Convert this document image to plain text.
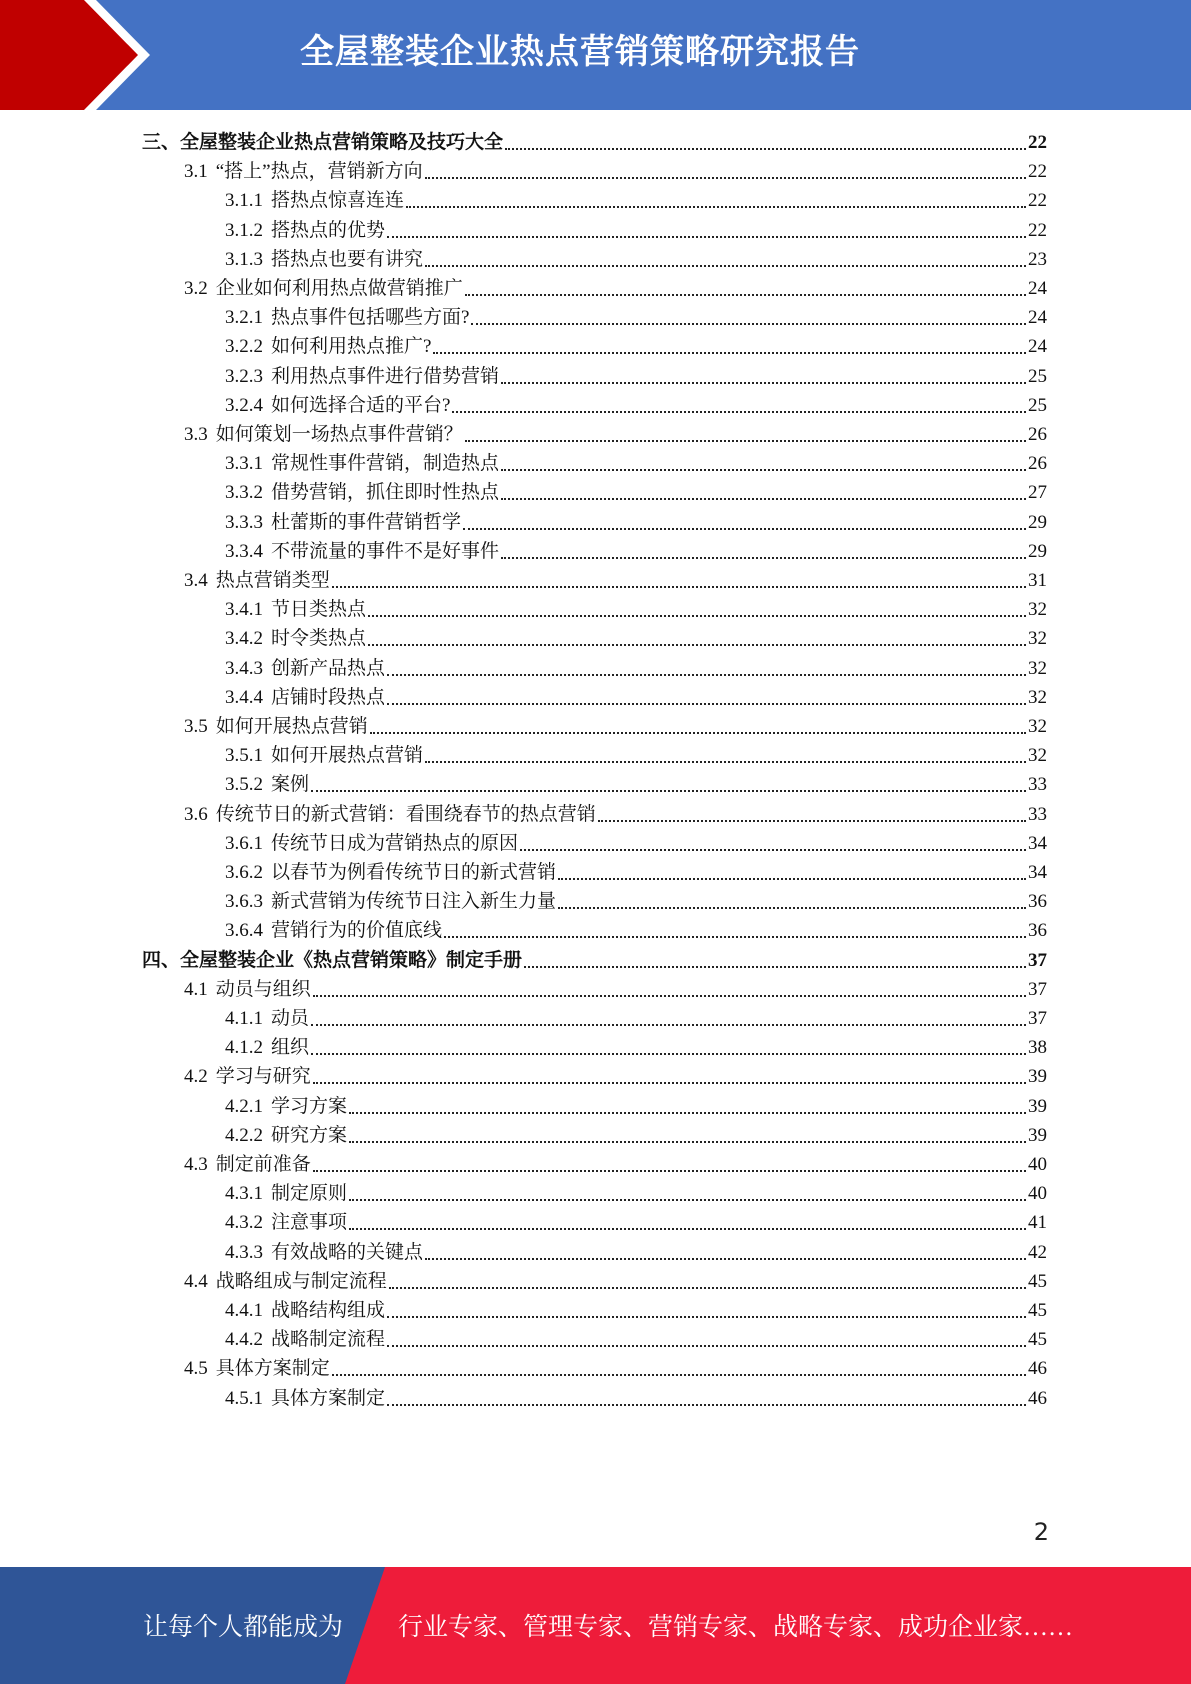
全屋整装企业热点营销策略研究报告
三、全屋整装企业热点营销策略及技巧大全	22
3.1 “搭上”热点，营销新方向	22
3.1.1 搭热点惊喜连连	22
3.1.2 搭热点的优势	22
3.1.3 搭热点也要有讲究	23
3.2 企业如何利用热点做营销推广	24
3.2.1 热点事件包括哪些方面?	24
3.2.2 如何利用热点推广?	24
3.2.3 利用热点事件进行借势营销	25
3.2.4 如何选择合适的平台?	25
3.3 如何策划一场热点事件营销？	26
3.3.1 常规性事件营销，制造热点	26
3.3.2 借势营销，抓住即时性热点	27
3.3.3 杜蕾斯的事件营销哲学	29
3.3.4 不带流量的事件不是好事件	29
3.4 热点营销类型	31
3.4.1 节日类热点	32
3.4.2 时令类热点	32
3.4.3 创新产品热点	32
3.4.4 店铺时段热点	32
3.5 如何开展热点营销	32
3.5.1 如何开展热点营销	32
3.5.2 案例	33
3.6 传统节日的新式营销：看围绕春节的热点营销	33
3.6.1 传统节日成为营销热点的原因	34
3.6.2 以春节为例看传统节日的新式营销	34
3.6.3 新式营销为传统节日注入新生力量	36
3.6.4 营销行为的价值底线	36
四、全屋整装企业《热点营销策略》制定手册	37
4.1 动员与组织	37
4.1.1 动员	37
4.1.2 组织	38
4.2 学习与研究	39
4.2.1 学习方案	39
4.2.2 研究方案	39
4.3 制定前准备	40
4.3.1 制定原则	40
4.3.2 注意事项	41
4.3.3 有效战略的关键点	42
4.4 战略组成与制定流程	45
4.4.1 战略结构组成	45
4.4.2 战略制定流程	45
4.5 具体方案制定	46
4.5.1 具体方案制定	46
2
让每个人都能成为 行业专家、管理专家、营销专家、战略专家、成功企业家……
